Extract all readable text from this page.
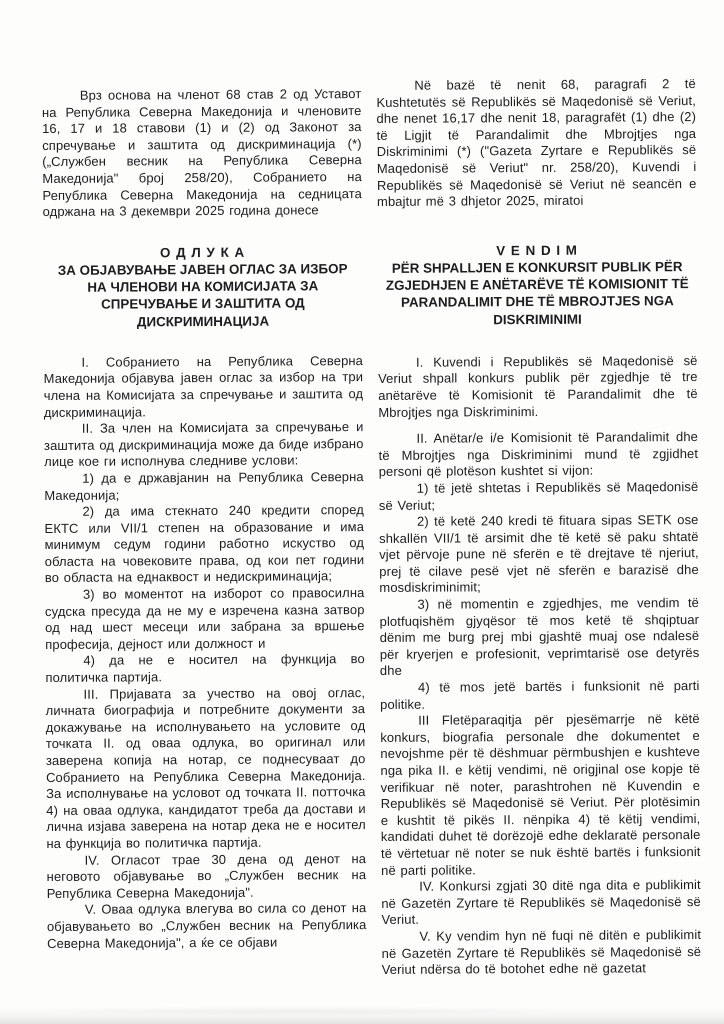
Врз основа на членот 68 став 2 од Уставот на Република Северна Македонија и членовите 16, 17 и 18 ставови (1) и (2) од Законот за спречување и заштита од дискриминација (*) („Службен весник на Република Северна Македонија" број 258/20), Собранието на Република Северна Македонија на седницата одржана на 3 декември 2025 година донесе

О Д Л У К А
ЗА ОБЈАВУВАЊЕ ЈАВЕН ОГЛАС ЗА ИЗБОР НА ЧЛЕНОВИ НА КОМИСИЈАТА ЗА СПРЕЧУВАЊЕ И ЗАШТИТА ОД ДИСКРИМИНАЦИЈА

I. Собранието на Република Северна Македонија објавува јавен оглас за избор на три члена на Комисијата за спречување и заштита од дискриминација.

II. За член на Комисијата за спречување и заштита од дискриминација може да биде избрано лице кое ги исполнува следниве услови:

1) да е државјанин на Република Северна Македонија;

2) да има стекнато 240 кредити според ЕКТС или VII/1 степен на образование и има минимум седум години работно искуство од областа на човековите права, од кои пет години во областа на еднаквост и недискриминација;

3) во моментот на изборот со правосилна судска пресуда да не му е изречена казна затвор од над шест месеци или забрана за вршење професија, дејност или должност и

4) да не е носител на функција во политичка партија.

III. Пријавата за учество на овој оглас, личната биографија и потребните документи за докажување на исполнувањето на условите од точката II. од оваа одлука, во оригинал или заверена копија на нотар, се поднесуваат до Собранието на Република Северна Македонија. За исполнување на условот од точката II. потточка 4) на оваа одлука, кандидатот треба да достави и лична изјава заверена на нотар дека не е носител на функција во политичка партија.

IV. Огласот трае 30 дена од денот на неговото објавување во „Службен весник на Република Северна Македонија".

V. Оваа одлука влегува во сила со денот на објавувањето во „Службен весник на Република Северна Македонија", а ќе се објави

Në bazë të nenit 68, paragrafi 2 të Kushtetutës së Republikës së Maqedonisë së Veriut, dhe nenet 16,17 dhe nenit 18, paragrafët (1) dhe (2) të Ligjit të Parandalimit dhe Mbrojtjes nga Diskriminimi (*) ("Gazeta Zyrtare e Republikës së Maqedonisë së Veriut" nr. 258/20), Kuvendi i Republikës së Maqedonisë së Veriut në seancën e mbajtur më 3 dhjetor 2025, miratoi

V E N D I M
PËR SHPALLJEN E KONKURSIT PUBLIK PËR ZGJEDHJEN E ANËTARËVE TË KOMISIONIT TË PARANDALIMIT DHE TË MBROJTJES NGA DISKRIMINIMI

I. Kuvendi i Republikës së Maqedonisë së Veriut shpall konkurs publik për zgjedhje të tre anëtarëve të Komisionit të Parandalimit dhe të Mbrojtjes nga Diskriminimi.

II. Anëtar/e i/e Komisionit të Parandalimit dhe të Mbrojtjes nga Diskriminimi mund të zgjidhet personi që plotëson kushtet si vijon:

1) të jetë shtetas i Republikës së Maqedonisë së Veriut;

2) të ketë 240 kredi të fituara sipas SETK ose shkallën VII/1 të arsimit dhe të ketë së paku shtatë vjet përvoje pune në sferën e të drejtave të njeriut, prej të cilave pesë vjet në sferën e barazisë dhe mosdiskriminimit;

3) në momentin e zgjedhjes, me vendim të plotfuqishëm gjyqësor të mos ketë të shqiptuar dënim me burg prej mbi gjashtë muaj ose ndalesë për kryerjen e profesionit, veprimtarisë ose detyrës dhe

4) të mos jetë bartës i funksionit në parti politike.

III Fletëparaqitja për pjesëmarrje në këtë konkurs, biografia personale dhe dokumentet e nevojshme për të dëshmuar përmbushjen e kushteve nga pika II. e këtij vendimi, në origjinal ose kopje të verifikuar në noter, parashtrohen në Kuvendin e Republikës së Maqedonisë së Veriut. Për plotësimin e kushtit të pikës II. nënpika 4) të këtij vendimi, kandidati duhet të dorëzojë edhe deklaratë personale të vërtetuar në noter se nuk është bartës i funksionit në parti politike.

IV. Konkursi zgjati 30 ditë nga dita e publikimit në Gazetën Zyrtare të Republikës së Maqedonisë së Veriut.

V. Ky vendim hyn në fuqi në ditën e publikimit në Gazetën Zyrtare të Republikës së Maqedonisë së Veriut ndërsa do të botohet edhe në gazetat
